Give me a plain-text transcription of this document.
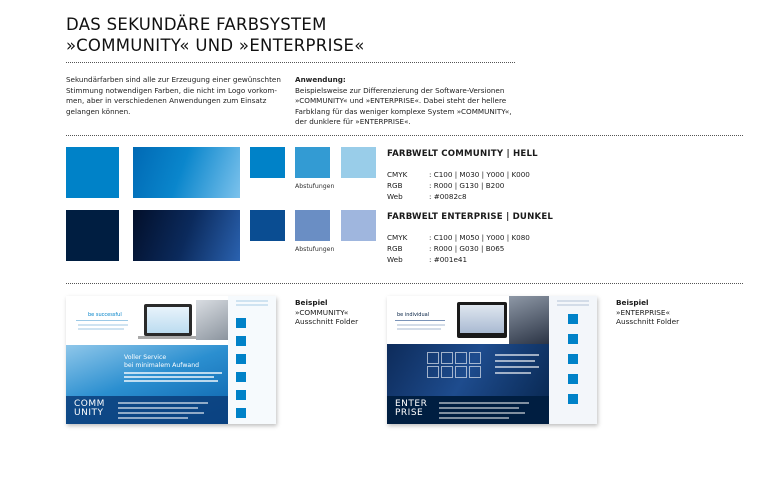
DAS SEKUNDÄRE FARBSYSTEM
»COMMUNITY« UND »ENTERPRISE«
Sekundärfarben sind alle zur Erzeugung einer gewünschten
Stimmung notwendigen Farben, die nicht im Logo vorkom-
men, aber in verschiedenen Anwendungen zum Einsatz
gelangen können.
Anwendung:
Beispielsweise zur Differenzierung der Software-Versionen
»COMMUNITY« und »ENTERPRISE«. Dabei steht der hellere
Farbklang für das weniger komplexe System »COMMUNITY«,
der dunklere für »ENTERPRISE«.
Abstufungen
FARBWELT COMMUNITY | HELL
CMYK	: C100 | M030 | Y000 | K000
RGB	: R000 | G130 | B200
Web	: #0082c8
Abstufungen
FARBWELT ENTERPRISE | DUNKEL
CMYK	: C100 | M050 | Y000 | K080
RGB	: R000 | G030 | B065
Web	: #001e41
be successful
Voller Service
bei minimalem Aufwand
COMM
UNITY
Beispiel
»COMMUNITY«
Ausschnitt Folder
be individual
ENTER
PRISE
Beispiel
»ENTERPRISE«
Ausschnitt Folder
